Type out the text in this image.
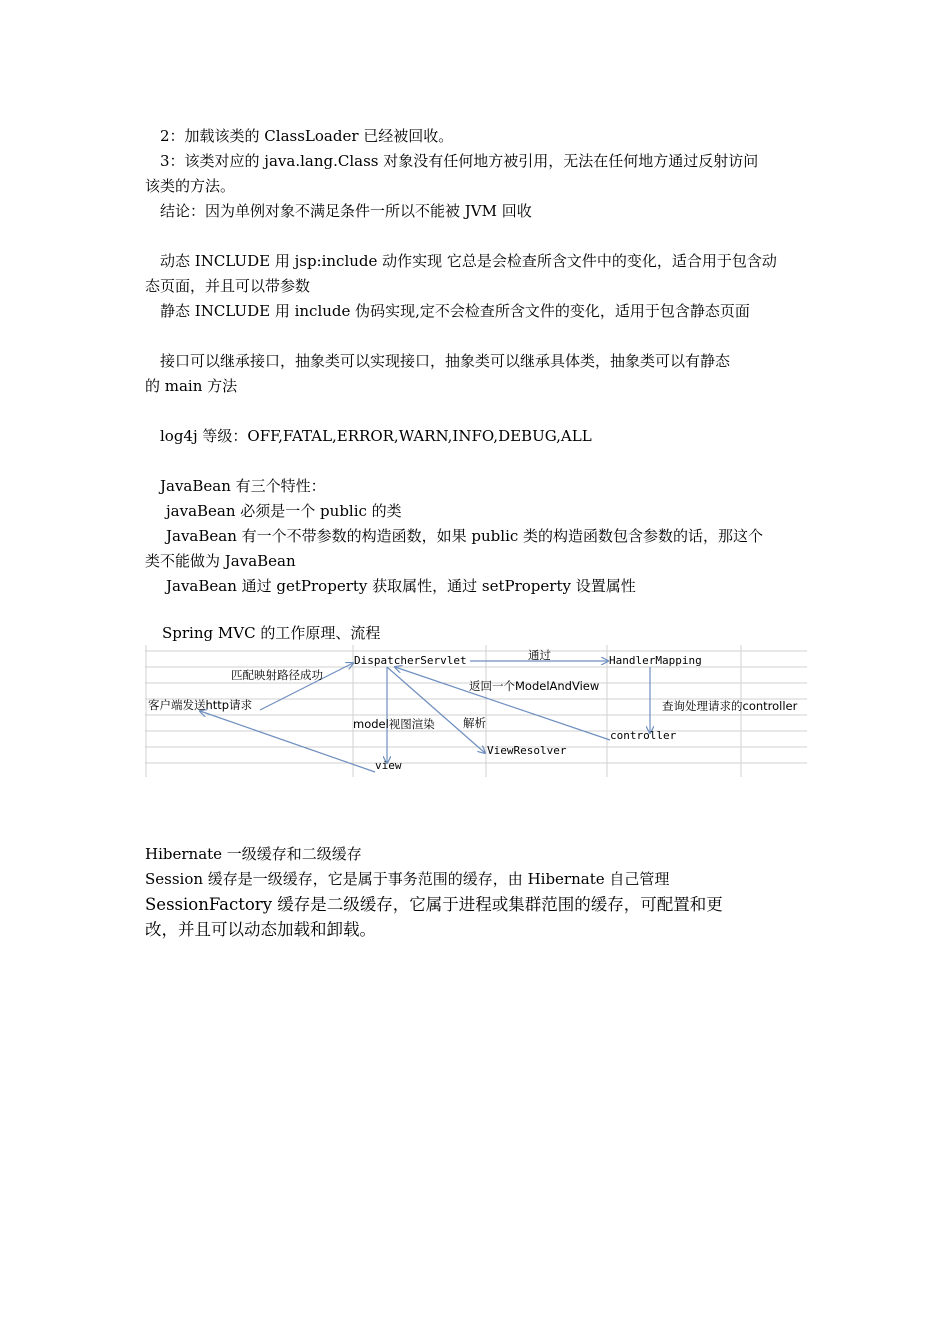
2：加载该类的 ClassLoader 已经被回收。
3：该类对应的 java.lang.Class 对象没有任何地方被引用，无法在任何地方通过反射访问
该类的方法。
结论：因为单例对象不满足条件一所以不能被 JVM 回收
动态 INCLUDE 用 jsp:include 动作实现 它总是会检查所含文件中的变化，适合用于包含动
态页面，并且可以带参数
静态 INCLUDE 用 include 伪码实现,定不会检查所含文件的变化，适用于包含静态页面
接口可以继承接口，抽象类可以实现接口，抽象类可以继承具体类，抽象类可以有静态
的 main 方法
log4j 等级：OFF,FATAL,ERROR,WARN,INFO,DEBUG,ALL
JavaBean 有三个特性：
javaBean 必须是一个 public 的类
JavaBean 有一个不带参数的构造函数，如果 public 类的构造函数包含参数的话，那这个
类不能做为 JavaBean
JavaBean 通过 getProperty 获取属性，通过 setProperty 设置属性
Spring MVC 的工作原理、流程
客户端发送http请求
匹配映射路径成功
DispatcherServlet	通过	HandlerMapping
返回一个ModelAndView
查询处理请求的controller
model视图渲染 解析
controller
ViewResolver
view
Hibernate 一级缓存和二级缓存
Session 缓存是一级缓存，它是属于事务范围的缓存，由 Hibernate 自己管理
SessionFactory 缓存是二级缓存，它属于进程或集群范围的缓存，可配置和更
改，并且可以动态加载和卸载。
